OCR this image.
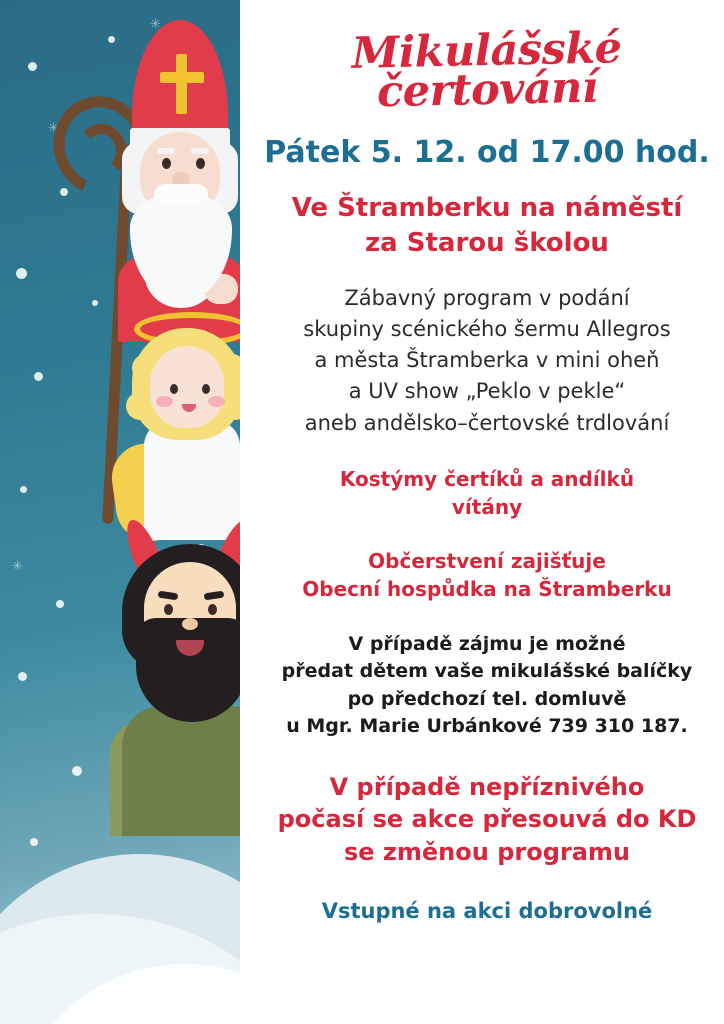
✳
✳
✳
Mikulášské
čertování
Pátek 5. 12. od 17.00 hod.
Ve Štramberku na náměstí
za Starou školou
Zábavný program v podání
skupiny scénického šermu Allegros
a města Štramberka v mini oheň
a UV show „Peklo v pekle“
aneb andělsko–čertovské trdlování
Kostýmy čertíků a andílků
vítány
Občerstvení zajišťuje
Obecní hospůdka na Štramberku
V případě zájmu je možné
předat dětem vaše mikulášské balíčky
po předchozí tel. domluvě
u Mgr. Marie Urbánkové 739 310 187.
V případě nepříznivého
počasí se akce přesouvá do KD
se změnou programu
Vstupné na akci dobrovolné
